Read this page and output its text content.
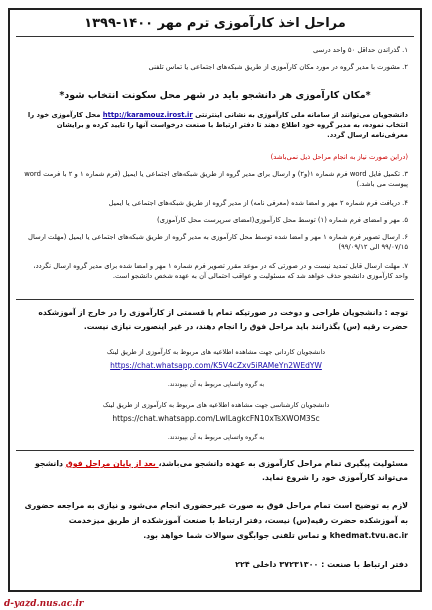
مراحل اخذ کارآموزی ترم مهر ۱۴۰۰-۱۳۹۹
۱. گذراندن حداقل ۵۰ واحد درسی
۲. مشورت با مدیر گروه در مورد مکان کارآموزی از طریق شبکه‌های اجتماعی یا تماس تلفنی
*مکان کارآموزی هر دانشجو باید در شهر محل سکونت انتخاب شود*
دانشجویان می‌توانند از سامانه ملی کارآموزی به نشانی اینترنتی http://karamouz.irost.ir محل کارآموزی خود را انتخاب نموده، به مدیر گروه خود اطلاع دهند تا دفتر ارتباط با صنعت درخواست آنها را تایید کرده و برایشان معرفی‌نامه ارسال گردد.
(دراین صورت نیاز به انجام مراحل ذیل نمی‌باشد)
۳. تکمیل فایل word فرم شماره ۱(و۲) و ارسال برای مدیر گروه از طریق شبکه‌های اجتماعی یا ایمیل (فرم شماره ۱ و ۲ با فرمت word پیوست می باشد.)
۴. دریافت فرم شماره ۲ مهر و امضا شده (معرفی نامه) از مدیر گروه از طریق شبکه‌های اجتماعی یا ایمیل
۵. مهر و امضای فرم شماره (۱) توسط محل کارآموزی(امضای سرپرست محل کارآموزی)
۶. ارسال تصویر فرم شماره ۱ مهر و امضا شده توسط محل کارآموزی به مدیر گروه از طریق شبکه‌های اجتماعی یا ایمیل (مهلت ارسال ۹۹/۰۷/۱۵ الی ۹۹/۰۹/۱۲)
۷. مهلت ارسال قابل تمدید نیست و در صورتی که در موعد مقرر تصویر فرم شماره ۱ مهر و امضا شده برای مدیر گروه ارسال نگردد، واحد کارآموزی دانشجو حذف خواهد شد که مسئولیت و عواقب احتمالی آن به عهده شخص دانشجو است.
توجه : دانشجویان طراحی و دوخت در صورتیکه تمام یا قسمتی از کارآموزی را در خارج از آموزشکده حضرت رقیه (س) بگذرانند باید مراحل فوق را انجام دهند، در غیر اینصورت نیازی نیست.
دانشجویان کاردانی جهت مشاهده اطلاعیه های مربوط به کارآموزی از طریق لینک
https://chat.whatsapp.com/K5V4cZxv5iRAMeYn2WEdYW
به گروه واتساپی مربوط به آن بپیوندند.
دانشجویان کارشناسی جهت مشاهده اطلاعیه های مربوط به کارآموزی از طریق لینک
https://chat.whatsapp.com/LwlLagkcFN10xTsXWOM3Sc
به گروه واتساپی مربوط به آن بپیوندند.
مسئولیت پیگیری تمام مراحل کارآموزی به عهده دانشجو می‌باشد، بعد از پایان مراحل فوق دانشجو می‌تواند کارآموزی خود را شروع نماید.
لازم به توضیح است تمام مراحل فوق به صورت غیرحضوری انجام می‌شود و نیازی به مراجعه حضوری به آموزشکده حضرت رقیه(س) نیست، دفتر ارتباط با صنعت آموزشکده از طریق میزخدمت khedmat.tvu.ac.ir و تماس تلفنی جوابگوی سوالات شما خواهد بود.
دفتر ارتباط با صنعت : ۳۷۲۳۱۳۰۰ داخلی ۲۲۴
d-yazd.nus.ac.ir
